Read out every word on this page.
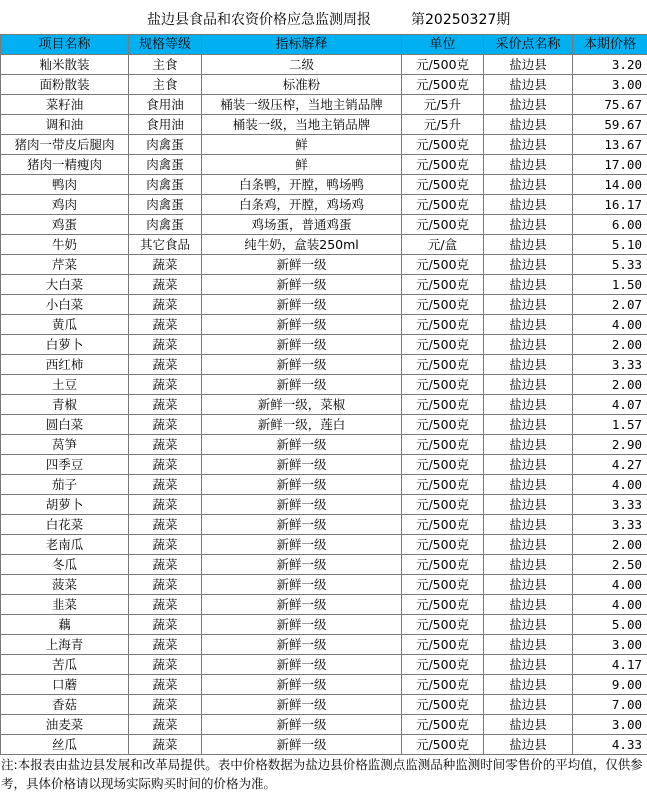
盐边县食品和农资价格应急监测周报	第20250327期
项目名称	规格等级	指标解释	单位	采价点名称	本期价格
籼米散装	主食	二级	元/500克	盐边县	3.20
面粉散装	主食	标准粉	元/500克	盐边县	3.00
菜籽油	食用油	桶装一级压榨，当地主销品牌	元/5升	盐边县	75.67
调和油	食用油	桶装一级，当地主销品牌	元/5升	盐边县	59.67
猪肉一带皮后腿肉	肉禽蛋	鲜	元/500克	盐边县	13.67
猪肉一精瘦肉	肉禽蛋	鲜	元/500克	盐边县	17.00
鸭肉	肉禽蛋	白条鸭，开膛，鸭场鸭	元/500克	盐边县	14.00
鸡肉	肉禽蛋	白条鸡，开膛，鸡场鸡	元/500克	盐边县	16.17
鸡蛋	肉禽蛋	鸡场蛋，普通鸡蛋	元/500克	盐边县	6.00
牛奶	其它食品	纯牛奶，盒装250ml	元/盒	盐边县	5.10
芹菜	蔬菜	新鲜一级	元/500克	盐边县	5.33
大白菜	蔬菜	新鲜一级	元/500克	盐边县	1.50
小白菜	蔬菜	新鲜一级	元/500克	盐边县	2.07
黄瓜	蔬菜	新鲜一级	元/500克	盐边县	4.00
白萝卜	蔬菜	新鲜一级	元/500克	盐边县	2.00
西红柿	蔬菜	新鲜一级	元/500克	盐边县	3.33
土豆	蔬菜	新鲜一级	元/500克	盐边县	2.00
青椒	蔬菜	新鲜一级，菜椒	元/500克	盐边县	4.07
圆白菜	蔬菜	新鲜一级，莲白	元/500克	盐边县	1.57
莴笋	蔬菜	新鲜一级	元/500克	盐边县	2.90
四季豆	蔬菜	新鲜一级	元/500克	盐边县	4.27
茄子	蔬菜	新鲜一级	元/500克	盐边县	4.00
胡萝卜	蔬菜	新鲜一级	元/500克	盐边县	3.33
白花菜	蔬菜	新鲜一级	元/500克	盐边县	3.33
老南瓜	蔬菜	新鲜一级	元/500克	盐边县	2.00
冬瓜	蔬菜	新鲜一级	元/500克	盐边县	2.50
菠菜	蔬菜	新鲜一级	元/500克	盐边县	4.00
韭菜	蔬菜	新鲜一级	元/500克	盐边县	4.00
藕	蔬菜	新鲜一级	元/500克	盐边县	5.00
上海青	蔬菜	新鲜一级	元/500克	盐边县	3.00
苦瓜	蔬菜	新鲜一级	元/500克	盐边县	4.17
口蘑	蔬菜	新鲜一级	元/500克	盐边县	9.00
香菇	蔬菜	新鲜一级	元/500克	盐边县	7.00
油麦菜	蔬菜	新鲜一级	元/500克	盐边县	3.00
丝瓜	蔬菜	新鲜一级	元/500克	盐边县	4.33
注:本报表由盐边县发展和改革局提供。表中价格数据为盐边县价格监测点监测品种监测时间零售价的平均值，仅供参考，具体价格请以现场实际购买时间的价格为准。
